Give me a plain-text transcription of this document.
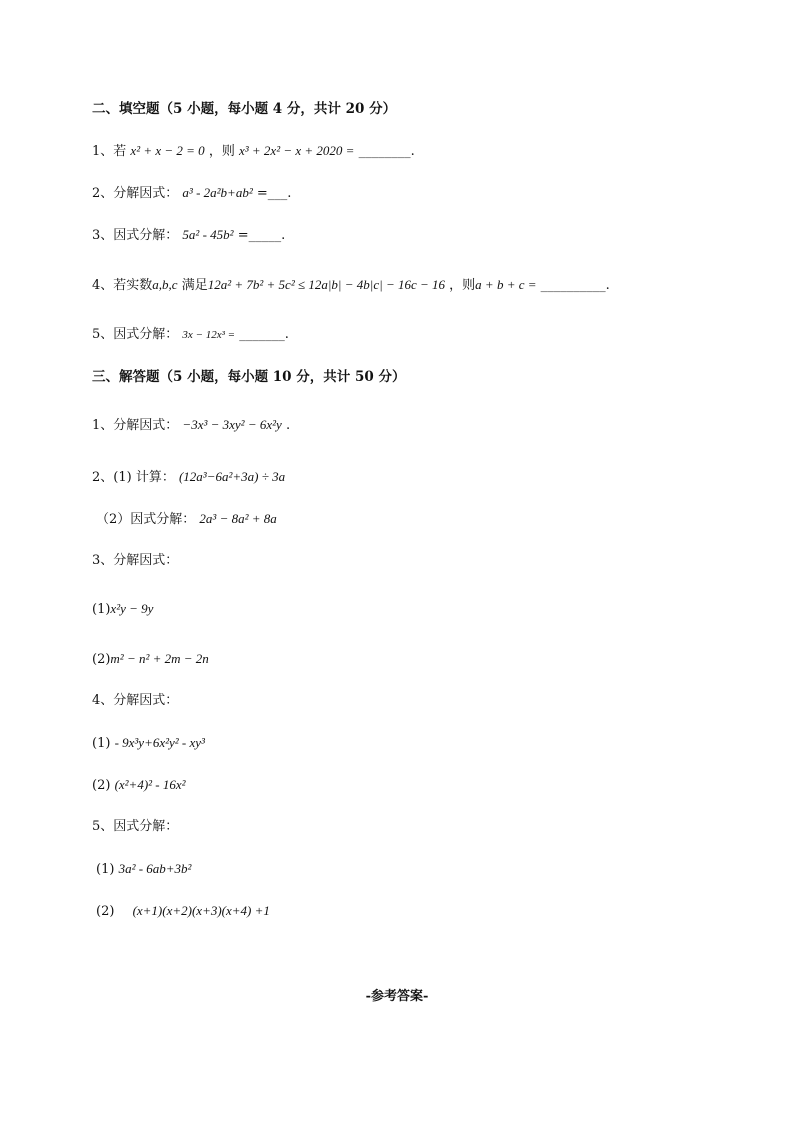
二、填空题（5 小题，每小题 4 分，共计 20 分）
1、若 x² + x − 2 = 0 ，则 x³ + 2x² − x + 2020 = ________.
2、分解因式： a³ - 2a²b+ab² =___.
3、因式分解： 5a² - 45b² =_____.
4、若实数a,b,c 满足12a² + 7b² + 5c² ≤ 12a|b| − 4b|c| − 16c − 16 ，则a + b + c = __________.
5、因式分解： 3x − 12x³ = _______.
三、解答题（5 小题，每小题 10 分，共计 50 分）
1、分解因式： −3x³ − 3xy² − 6x²y .
2、(1) 计算： (12a³−6a²+3a) ÷ 3a
（2）因式分解： 2a³ − 8a² + 8a
3、分解因式：
(1)x²y − 9y
(2)m² − n² + 2m − 2n
4、分解因式：
(1) - 9x³y+6x²y² - xy³
(2) (x²+4)² - 16x²
5、因式分解：
(1) 3a² - 6ab+3b²
(2) (x+1)(x+2)(x+3)(x+4) +1
-参考答案-
